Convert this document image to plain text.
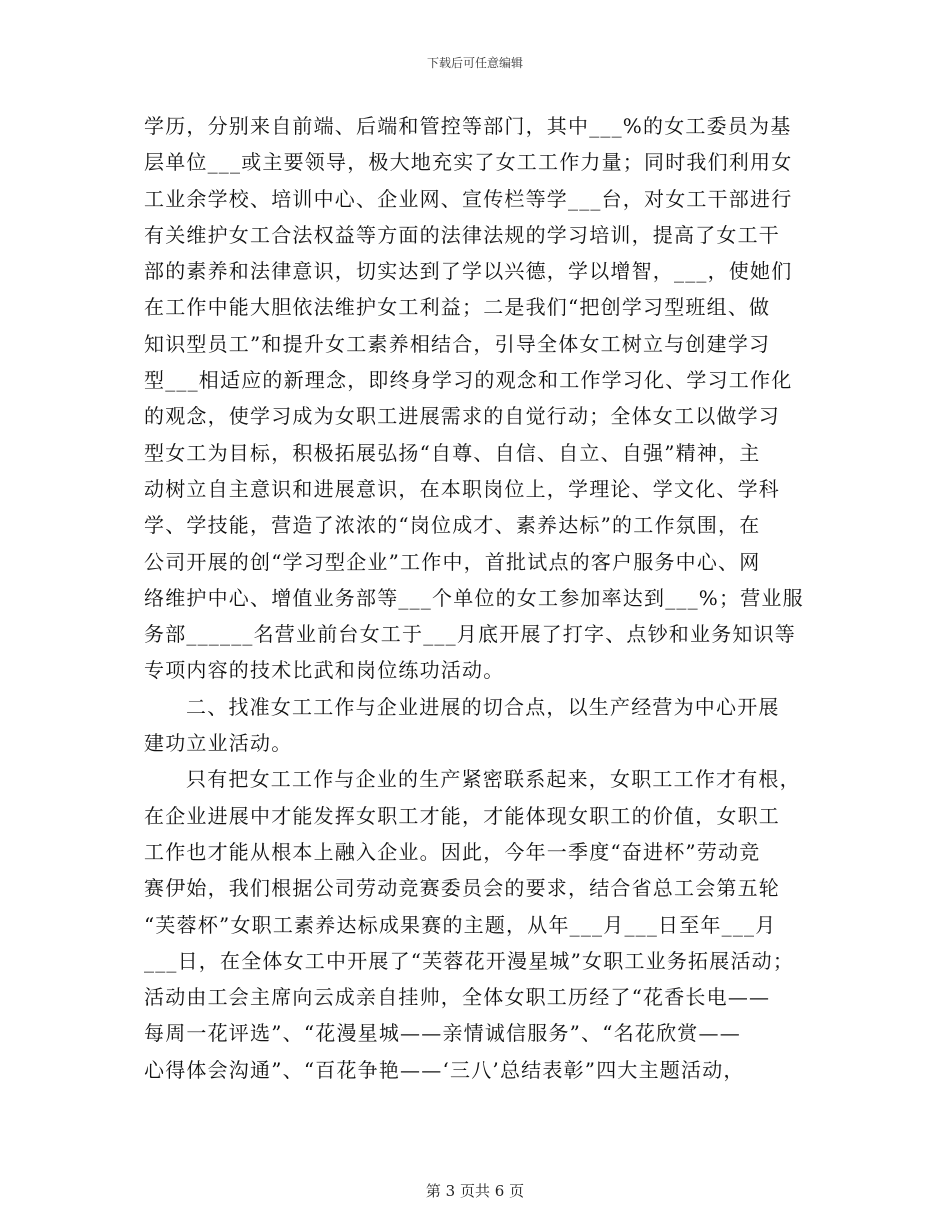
下载后可任意编辑

学历，分别来自前端、后端和管控等部门，其中___%的女工委员为基
层单位___或主要领导，极大地充实了女工工作力量；同时我们利用女
工业余学校、培训中心、企业网、宣传栏等学___台，对女工干部进行
有关维护女工合法权益等方面的法律法规的学习培训，提高了女工干
部的素养和法律意识，切实达到了学以兴德，学以增智，___，使她们
在工作中能大胆依法维护女工利益；二是我们“把创学习型班组、做
知识型员工”和提升女工素养相结合，引导全体女工树立与创建学习
型___相适应的新理念，即终身学习的观念和工作学习化、学习工作化
的观念，使学习成为女职工进展需求的自觉行动；全体女工以做学习
型女工为目标，积极拓展弘扬“自尊、自信、自立、自强”精神，主
动树立自主意识和进展意识，在本职岗位上，学理论、学文化、学科
学、学技能，营造了浓浓的“岗位成才、素养达标”的工作氛围，在
公司开展的创“学习型企业”工作中，首批试点的客户服务中心、网
络维护中心、增值业务部等___个单位的女工参加率达到___%；营业服
务部______名营业前台女工于___月底开展了打字、点钞和业务知识等
专项内容的技术比武和岗位练功活动。

二、找准女工工作与企业进展的切合点，以生产经营为中心开展
建功立业活动。

只有把女工工作与企业的生产紧密联系起来，女职工工作才有根，
在企业进展中才能发挥女职工才能，才能体现女职工的价值，女职工
工作也才能从根本上融入企业。因此，今年一季度“奋进杯”劳动竞
赛伊始，我们根据公司劳动竞赛委员会的要求，结合省总工会第五轮
“芙蓉杯”女职工素养达标成果赛的主题，从年___月___日至年___月
___日，在全体女工中开展了“芙蓉花开漫星城”女职工业务拓展活动；
活动由工会主席向云成亲自挂帅，全体女职工历经了“花香长电——
每周一花评选”、“花漫星城——亲情诚信服务”、“名花欣赏——
心得体会沟通”、“百花争艳——‘三八’总结表彰”四大主题活动，

第 3 页共 6 页
